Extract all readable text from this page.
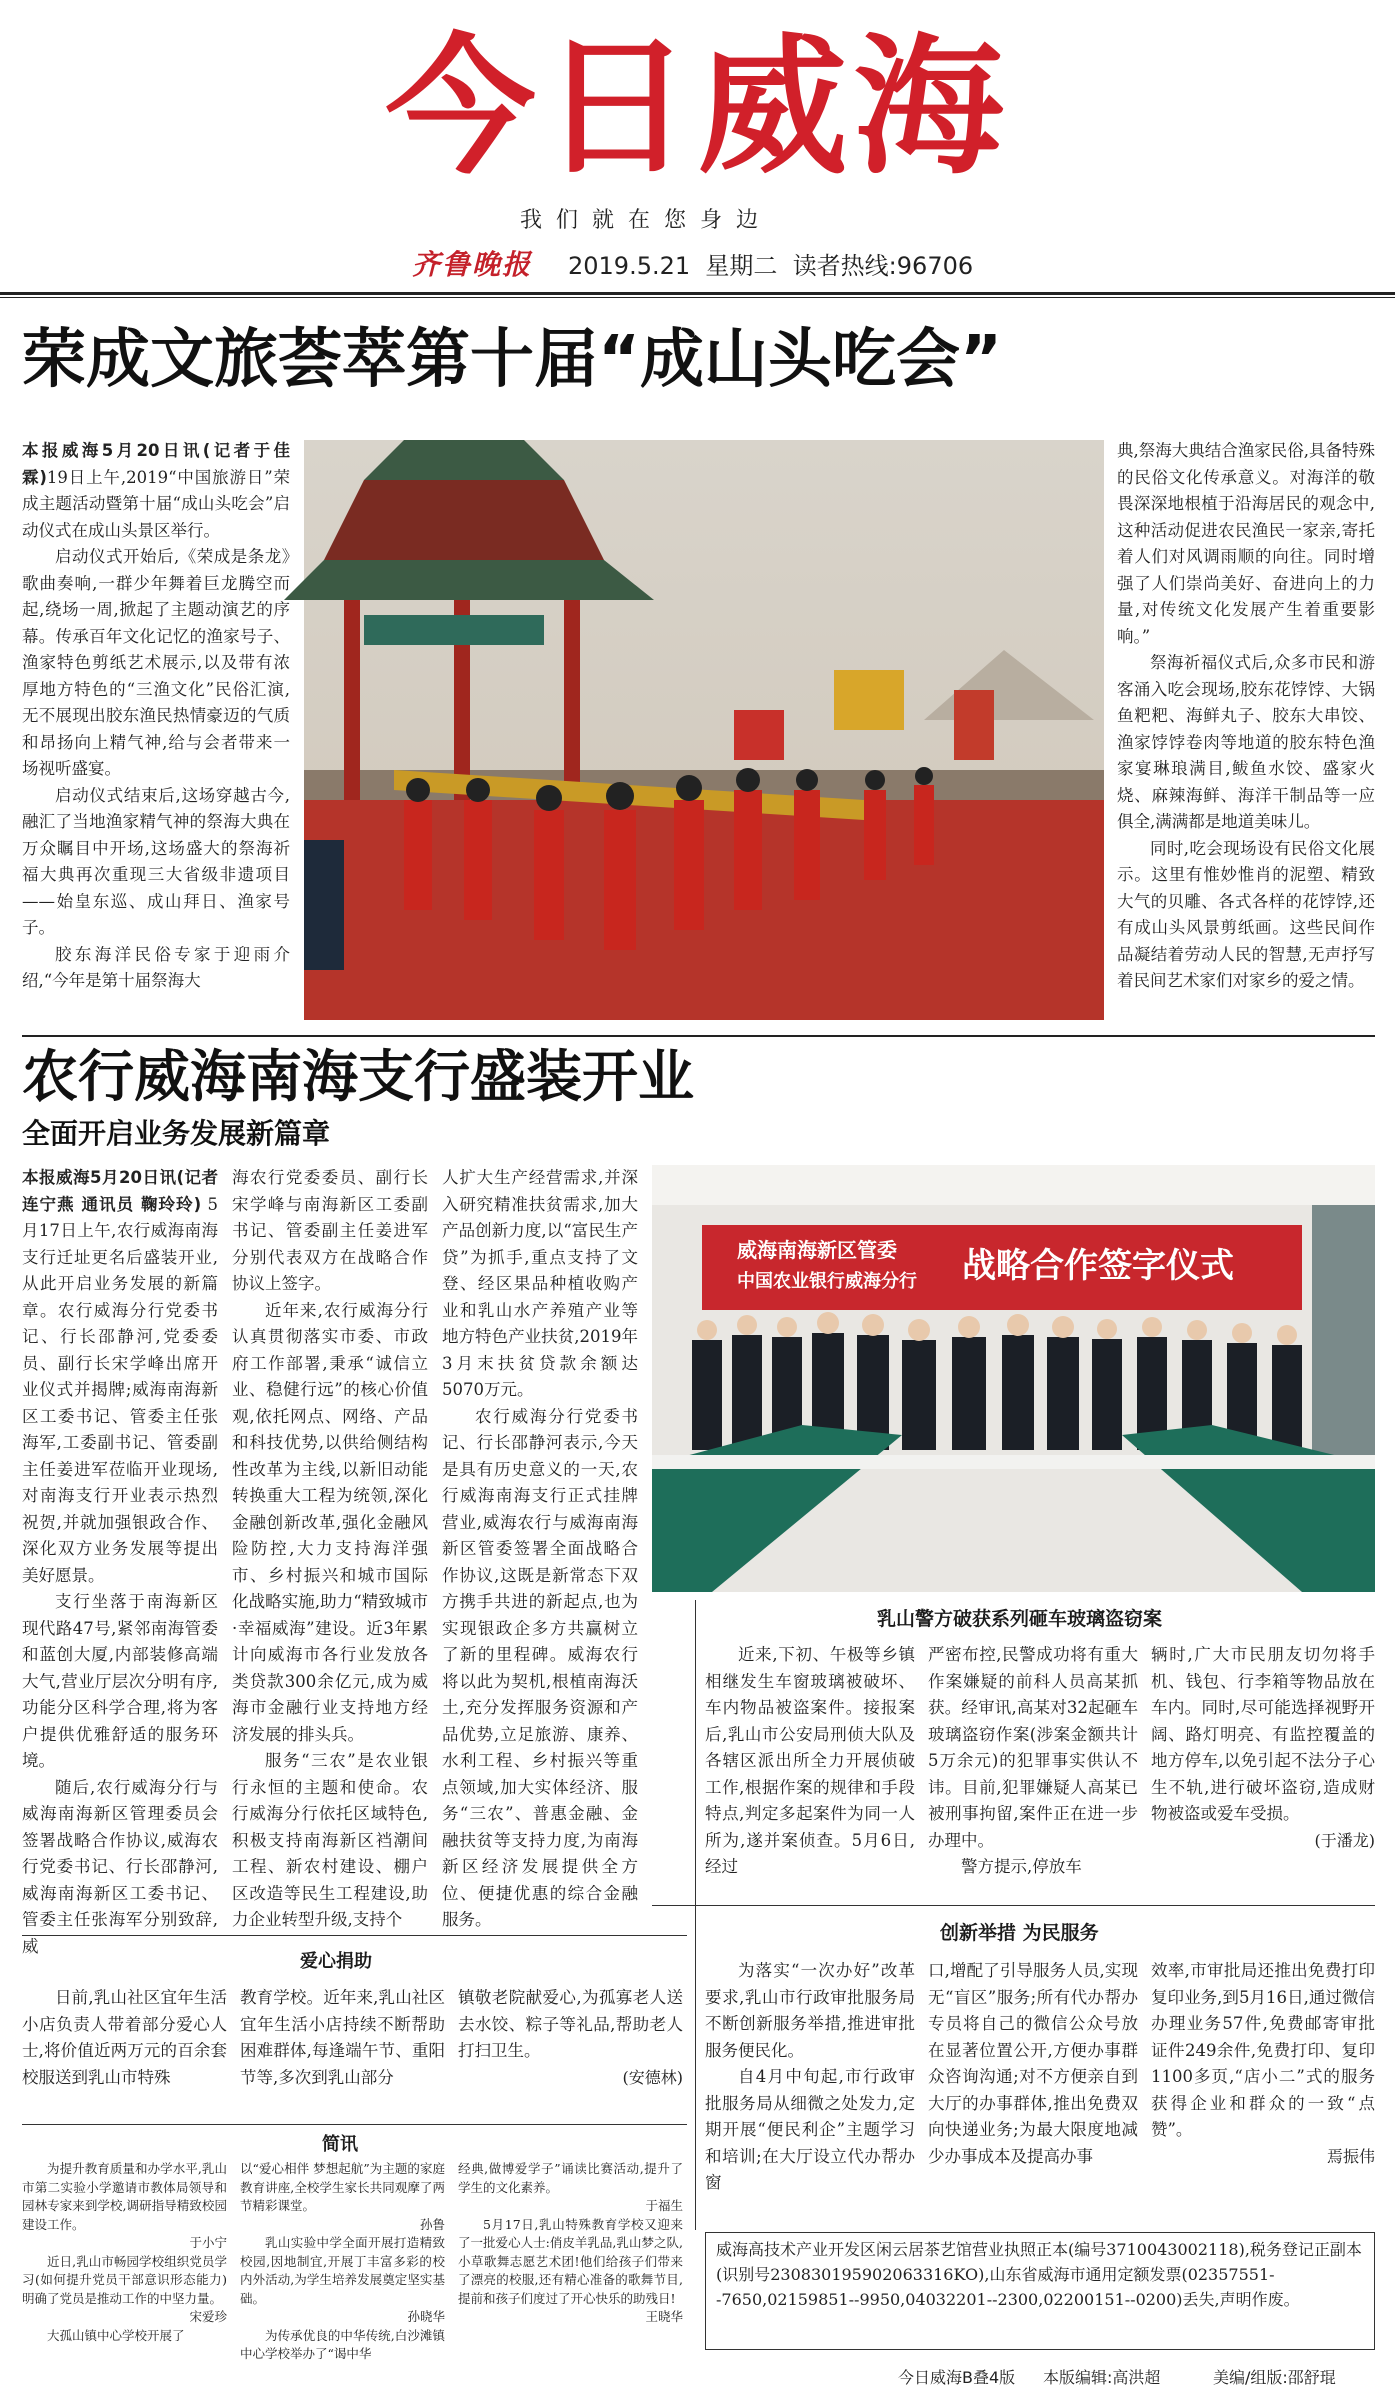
今日威海
我们就在您身边
齐鲁晚报 2019.5.21 星期二 读者热线:96706
荣成文旅荟萃第十届“成山头吃会”

本报威海5月20日讯(记者于佳霖)19日上午,2019“中国旅游日”荣成主题活动暨第十届“成山头吃会”启动仪式在成山头景区举行。

启动仪式开始后,《荣成是条龙》歌曲奏响,一群少年舞着巨龙腾空而起,绕场一周,掀起了主题动演艺的序幕。传承百年文化记忆的渔家号子、渔家特色剪纸艺术展示,以及带有浓厚地方特色的“三渔文化”民俗汇演,无不展现出胶东渔民热情豪迈的气质和昂扬向上精气神,给与会者带来一场视听盛宴。

启动仪式结束后,这场穿越古今,融汇了当地渔家精气神的祭海大典在万众瞩目中开场,这场盛大的祭海祈福大典再次重现三大省级非遗项目——始皇东巡、成山拜日、渔家号子。

胶东海洋民俗专家于迎雨介绍,“今年是第十届祭海大

典,祭海大典结合渔家民俗,具备特殊的民俗文化传承意义。对海洋的敬畏深深地根植于沿海居民的观念中,这种活动促进农民渔民一家亲,寄托着人们对风调雨顺的向往。同时增强了人们崇尚美好、奋进向上的力量,对传统文化发展产生着重要影响。”

祭海祈福仪式后,众多市民和游客涌入吃会现场,胶东花饽饽、大锅鱼粑粑、海鲜丸子、胶东大串饺、渔家饽饽卷肉等地道的胶东特色渔家宴琳琅满目,鲅鱼水饺、盛家火烧、麻辣海鲜、海洋干制品等一应俱全,满满都是地道美味儿。

同时,吃会现场设有民俗文化展示。这里有惟妙惟肖的泥塑、精致大气的贝雕、各式各样的花饽饽,还有成山头风景剪纸画。这些民间作品凝结着劳动人民的智慧,无声抒写着民间艺术家们对家乡的爱之情。

农行威海南海支行盛装开业
全面开启业务发展新篇章

本报威海5月20日讯(记者 连宁燕 通讯员 鞠玲玲) 5月17日上午,农行威海南海支行迁址更名后盛装开业,从此开启业务发展的新篇章。农行威海分行党委书记、行长邵静河,党委委员、副行长宋学峰出席开业仪式并揭牌;威海南海新区工委书记、管委主任张海军,工委副书记、管委副主任姜进军莅临开业现场,对南海支行开业表示热烈祝贺,并就加强银政合作、深化双方业务发展等提出美好愿景。

支行坐落于南海新区现代路47号,紧邻南海管委和蓝创大厦,内部装修高端大气,营业厅层次分明有序,功能分区科学合理,将为客户提供优雅舒适的服务环境。

随后,农行威海分行与威海南海新区管理委员会签署战略合作协议,威海农行党委书记、行长邵静河,威海南海新区工委书记、管委主任张海军分别致辞,威

海农行党委委员、副行长宋学峰与南海新区工委副书记、管委副主任姜进军分别代表双方在战略合作协议上签字。

近年来,农行威海分行认真贯彻落实市委、市政府工作部署,秉承“诚信立业、稳健行远”的核心价值观,依托网点、网络、产品和科技优势,以供给侧结构性改革为主线,以新旧动能转换重大工程为统领,深化金融创新改革,强化金融风险防控,大力支持海洋强市、乡村振兴和城市国际化战略实施,助力“精致城市·幸福威海”建设。近3年累计向威海市各行业发放各类贷款300余亿元,成为威海市金融行业支持地方经济发展的排头兵。

服务“三农”是农业银行永恒的主题和使命。农行威海分行依托区域特色,积极支持南海新区裆潮间工程、新农村建设、棚户区改造等民生工程建设,助力企业转型升级,支持个

人扩大生产经营需求,并深入研究精准扶贫需求,加大产品创新力度,以“富民生产贷”为抓手,重点支持了文登、经区果品种植收购产业和乳山水产养殖产业等地方特色产业扶贫,2019年3月末扶贫贷款余额达5070万元。

农行威海分行党委书记、行长邵静河表示,今天是具有历史意义的一天,农行威海南海支行正式挂牌营业,威海农行与威海南海新区管委签署全面战略合作协议,这既是新常态下双方携手共进的新起点,也为实现银政企多方共赢树立了新的里程碑。威海农行将以此为契机,根植南海沃土,充分发挥服务资源和产品优势,立足旅游、康养、水利工程、乡村振兴等重点领域,加大实体经济、服务“三农”、普惠金融、金融扶贫等支持力度,为南海新区经济发展提供全方位、便捷优惠的综合金融服务。

威海南海新区管委
中国农业银行威海分行 战略合作签字仪式
乳山警方破获系列砸车玻璃盗窃案

近来,下初、午极等乡镇相继发生车窗玻璃被破坏、车内物品被盗案件。接报案后,乳山市公安局刑侦大队及各辖区派出所全力开展侦破工作,根据作案的规律和手段特点,判定多起案件为同一人所为,遂并案侦查。5月6日,经过

严密布控,民警成功将有重大作案嫌疑的前科人员高某抓获。经审讯,高某对32起砸车玻璃盗窃作案(涉案金额共计5万余元)的犯罪事实供认不讳。目前,犯罪嫌疑人高某已被刑事拘留,案件正在进一步办理中。

警方提示,停放车

辆时,广大市民朋友切勿将手机、钱包、行李箱等物品放在车内。同时,尽可能选择视野开阔、路灯明亮、有监控覆盖的地方停车,以免引起不法分子心生不轨,进行破坏盗窃,造成财物被盗或爱车受损。

(于潘龙)

创新举措 为民服务

为落实“一次办好”改革要求,乳山市行政审批服务局不断创新服务举措,推进审批服务便民化。

自4月中旬起,市行政审批服务局从细微之处发力,定期开展“便民利企”主题学习和培训;在大厅设立代办帮办窗

口,增配了引导服务人员,实现无“盲区”服务;所有代办帮办专员将自己的微信公众号放在显著位置公开,方便办事群众咨询沟通;对不方便亲自到大厅的办事群体,推出免费双向快递业务;为最大限度地减少办事成本及提高办事

效率,市审批局还推出免费打印复印业务,到5月16日,通过微信办理业务57件,免费邮寄审批证件249余件,免费打印、复印1100多页,“店小二”式的服务获得企业和群众的一致“点赞”。

焉振伟

爱心捐助

日前,乳山社区宜年生活小店负责人带着部分爱心人士,将价值近两万元的百余套校服送到乳山市特殊

教育学校。近年来,乳山社区宜年生活小店持续不断帮助困难群体,每逢端午节、重阳节等,多次到乳山部分

镇敬老院献爱心,为孤寡老人送去水饺、粽子等礼品,帮助老人打扫卫生。

(安德林)

简讯

为提升教育质量和办学水平,乳山市第二实验小学邀请市教体局领导和园林专家来到学校,调研指导精致校园建设工作。

于小宁

近日,乳山市畅园学校组织党员学习(如何提升党员干部意识形态能力)明确了党员是推动工作的中坚力量。

宋爱珍

大孤山镇中心学校开展了

以“爱心相伴 梦想起航”为主题的家庭教育讲座,全校学生家长共同观摩了两节精彩课堂。

孙鲁

乳山实验中学全面开展打造精致校园,因地制宜,开展丁丰富多彩的校内外活动,为学生培养发展奠定坚实基础。

孙晓华

为传承优良的中华传统,白沙滩镇中心学校举办了“谒中华

经典,做博爱学子”诵读比赛活动,提升了学生的文化素养。

于福生

5月17日,乳山特殊教育学校又迎来了一批爱心人士:俏皮羊乳品,乳山梦之队,小草歌舞志愿艺术团!他们给孩子们带来了漂亮的校服,还有精心准备的歌舞节目,提前和孩子们度过了开心快乐的助残日!

王晓华

威海高技术产业开发区闲云居茶艺馆营业执照正本(编号3710043002118),税务登记正副本(识别号230830195902063316KO),山东省威海市通用定额发票(02357551--7650,02159851--9950,04032201--2300,02200151--0200)丢失,声明作废。

今日威海B叠4版 本版编辑:高洪超	美编/组版:邵舒琨
